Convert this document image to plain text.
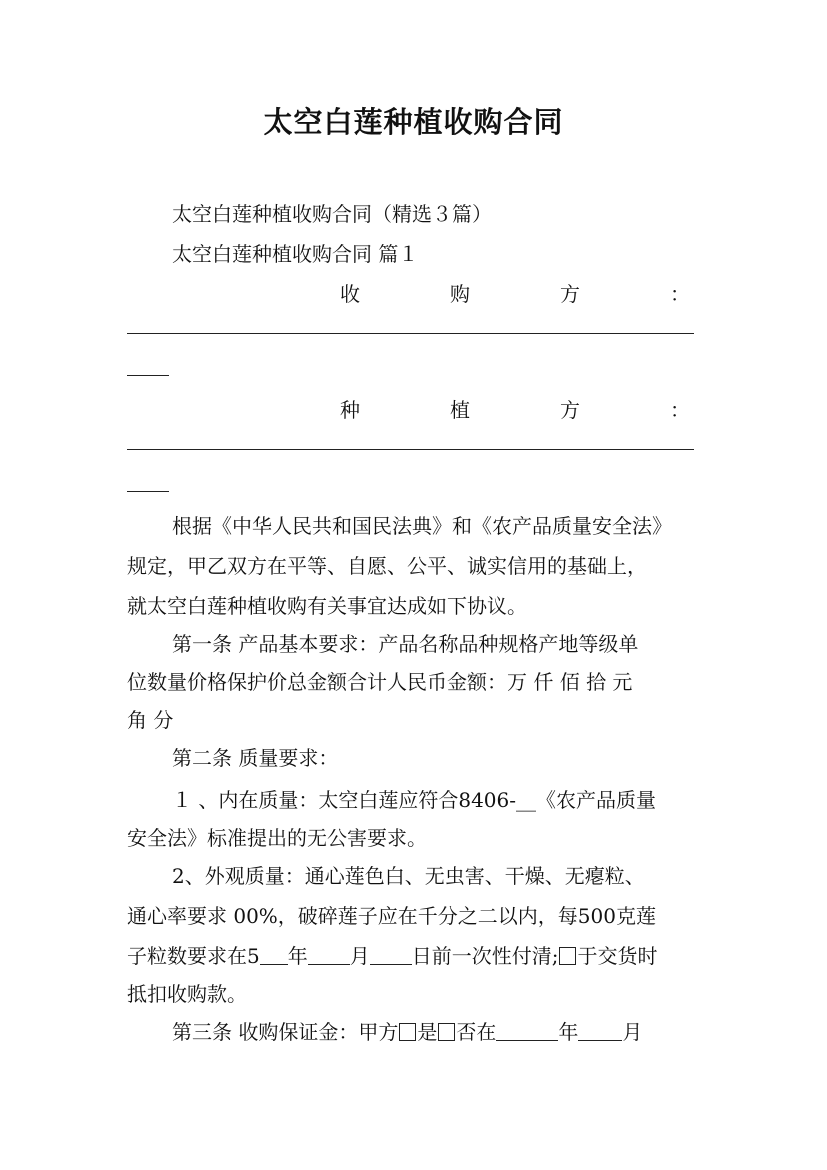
太空白莲种植收购合同
太空白莲种植收购合同（精选３篇）
太空白莲种植收购合同 篇１
收	购	方	：
种	植	方	：
根据《中华人民共和国民法典》和《农产品质量安全法》
规定，甲乙双方在平等、自愿、公平、诚实信用的基础上，
就太空白莲种植收购有关事宜达成如下协议。
第一条 产品基本要求：产品名称品种规格产地等级单
位数量价格保护价总金额合计人民币金额：万 仟 佰 拾 元
角 分
第二条 质量要求：
１ 、内在质量：太空白莲应符合8406-__《农产品质量
安全法》标准提出的无公害要求。
2、外观质量：通心莲色白、无虫害、干燥、无瘪粒、
通心率要求 00%，破碎莲子应在千分之二以内，每500克莲
子粒数要求在5 年 月 日前一次性付清; 于交货时
抵扣收购款。
第三条 收购保证金：甲方 是 否在	年 月
